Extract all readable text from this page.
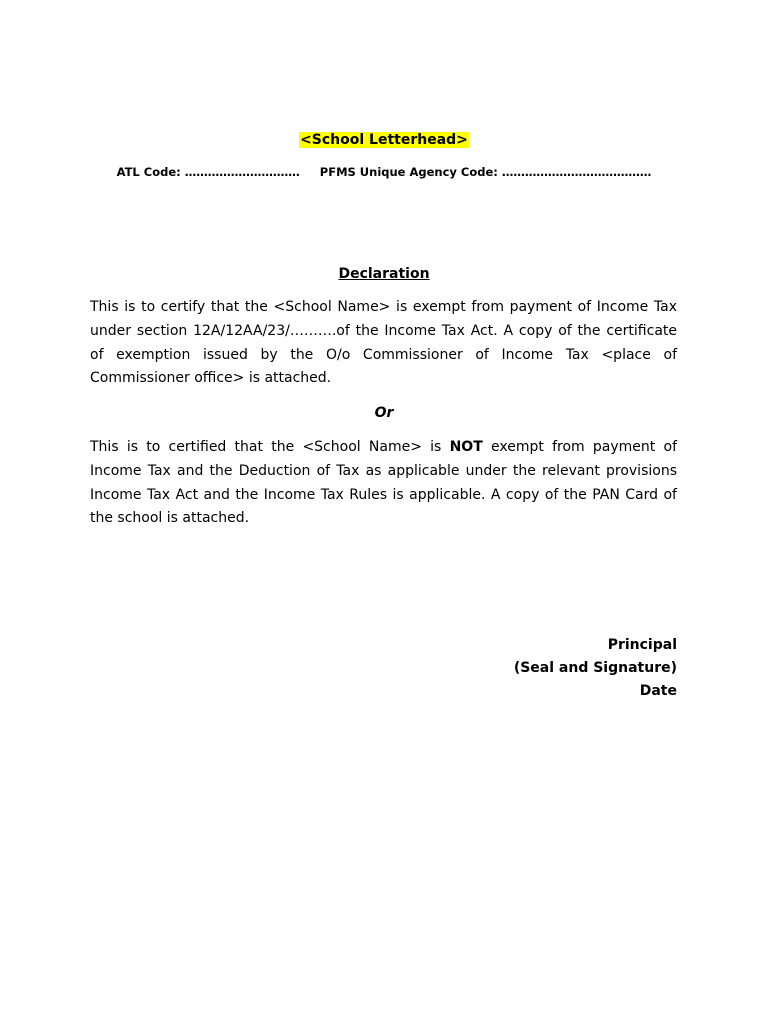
<School Letterhead>
ATL Code: ………………………… PFMS Unique Agency Code: …………………………………
Declaration
This is to certify that the <School Name> is exempt from payment of Income Tax under section 12A/12AA/23/……….of the Income Tax Act. A copy of the certificate of exemption issued by the O/o Commissioner of Income Tax <place of Commissioner office> is attached.
Or
This is to certified that the <School Name> is NOT exempt from payment of Income Tax and the Deduction of Tax as applicable under the relevant provisions Income Tax Act and the Income Tax Rules is applicable. A copy of the PAN Card of the school is attached.
Principal
(Seal and Signature)
Date
